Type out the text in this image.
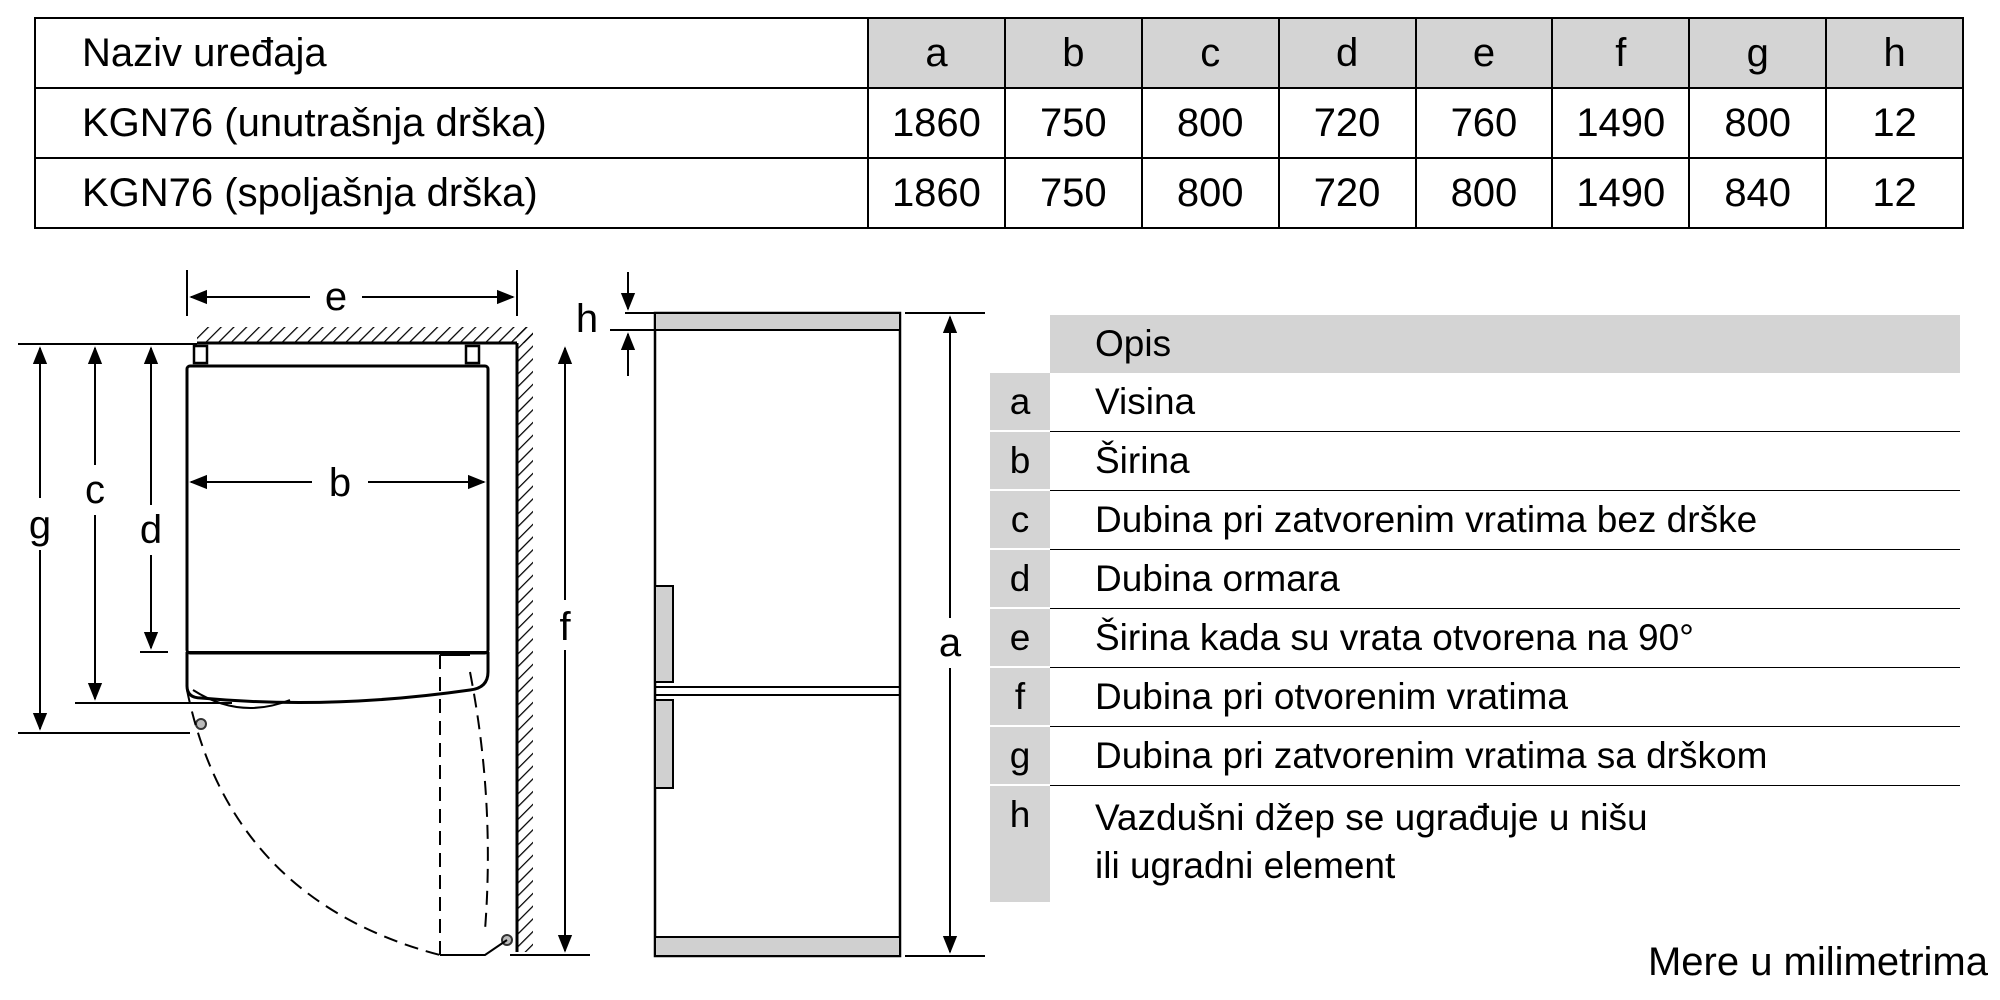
Naziv uređaja	a	b	c	d	e	f	g	h
KGN76 (unutrašnja drška)	1860	750	800	720	760	1490	800	12
KGN76 (spoljašnja drška)	1860	750	800	720	800	1490	840	12
e
b
g
c
d
f
h
a
Opis
a	Visina
b	Širina
c	Dubina pri zatvorenim vratima bez drške
d	Dubina ormara
e	Širina kada su vrata otvorena na 90°
f	Dubina pri otvorenim vratima
g	Dubina pri zatvorenim vratima sa drškom
h	Vazdušni džep se ugrađuje u nišu
ili ugradni element
Mere u milimetrima
